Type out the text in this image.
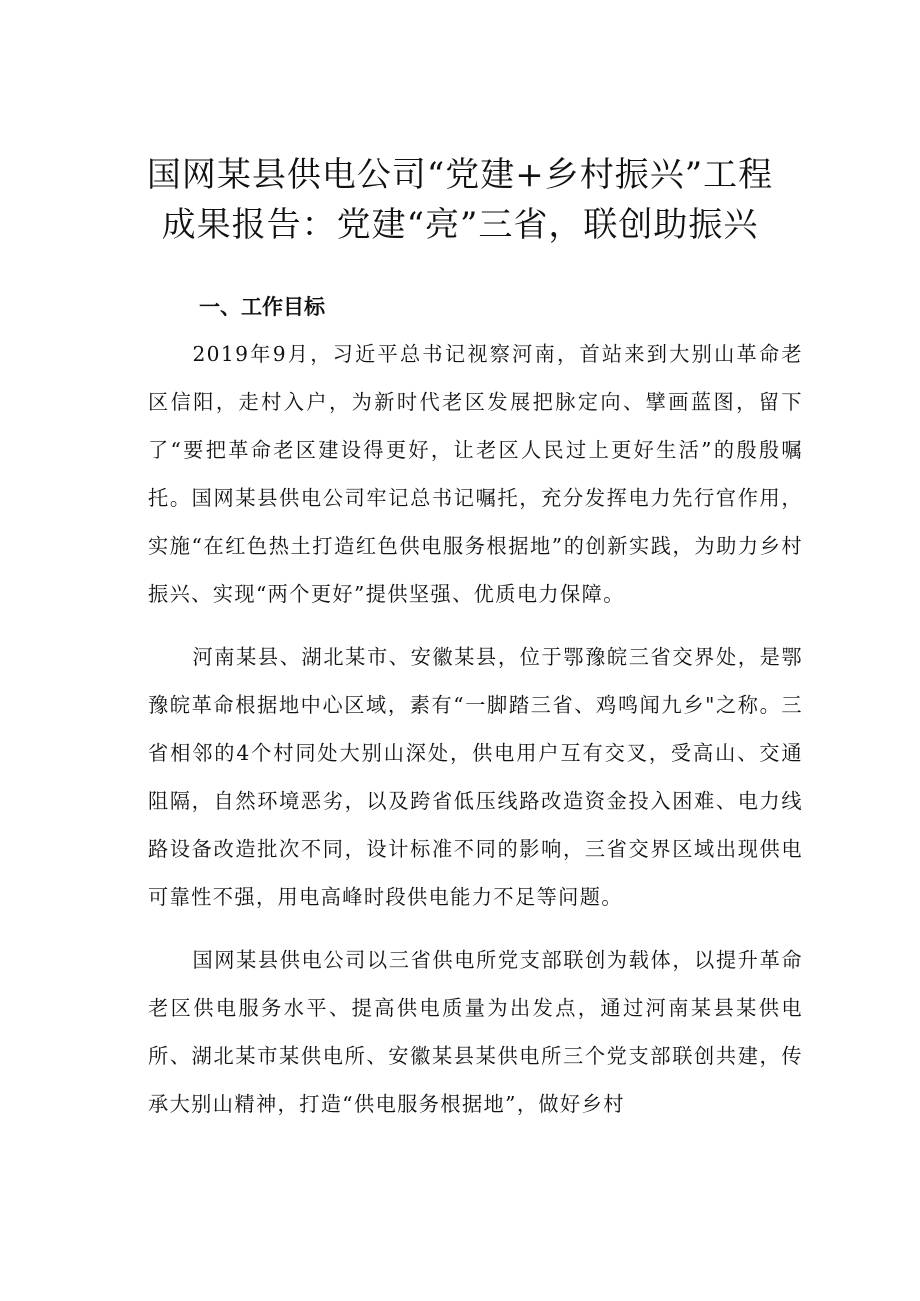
国网某县供电公司“党建+乡村振兴”工程
成果报告：党建“亮”三省，联创助振兴
一、工作目标

2019年9月，习近平总书记视察河南，首站来到大别山革命老区信阳，走村入户，为新时代老区发展把脉定向、擘画蓝图，留下了“要把革命老区建设得更好，让老区人民过上更好生活”的殷殷嘱托。国网某县供电公司牢记总书记嘱托，充分发挥电力先行官作用，实施“在红色热土打造红色供电服务根据地”的创新实践，为助力乡村振兴、实现“两个更好”提供坚强、优质电力保障。

河南某县、湖北某市、安徽某县，位于鄂豫皖三省交界处，是鄂豫皖革命根据地中心区域，素有“一脚踏三省、鸡鸣闻九乡"之称。三省相邻的4个村同处大别山深处，供电用户互有交叉，受高山、交通阻隔，自然环境恶劣，以及跨省低压线路改造资金投入困难、电力线路设备改造批次不同，设计标准不同的影响，三省交界区域出现供电可靠性不强，用电高峰时段供电能力不足等问题。

国网某县供电公司以三省供电所党支部联创为载体，以提升革命老区供电服务水平、提高供电质量为出发点，通过河南某县某供电所、湖北某市某供电所、安徽某县某供电所三个党支部联创共建，传承大别山精神，打造“供电服务根据地”，做好乡村
